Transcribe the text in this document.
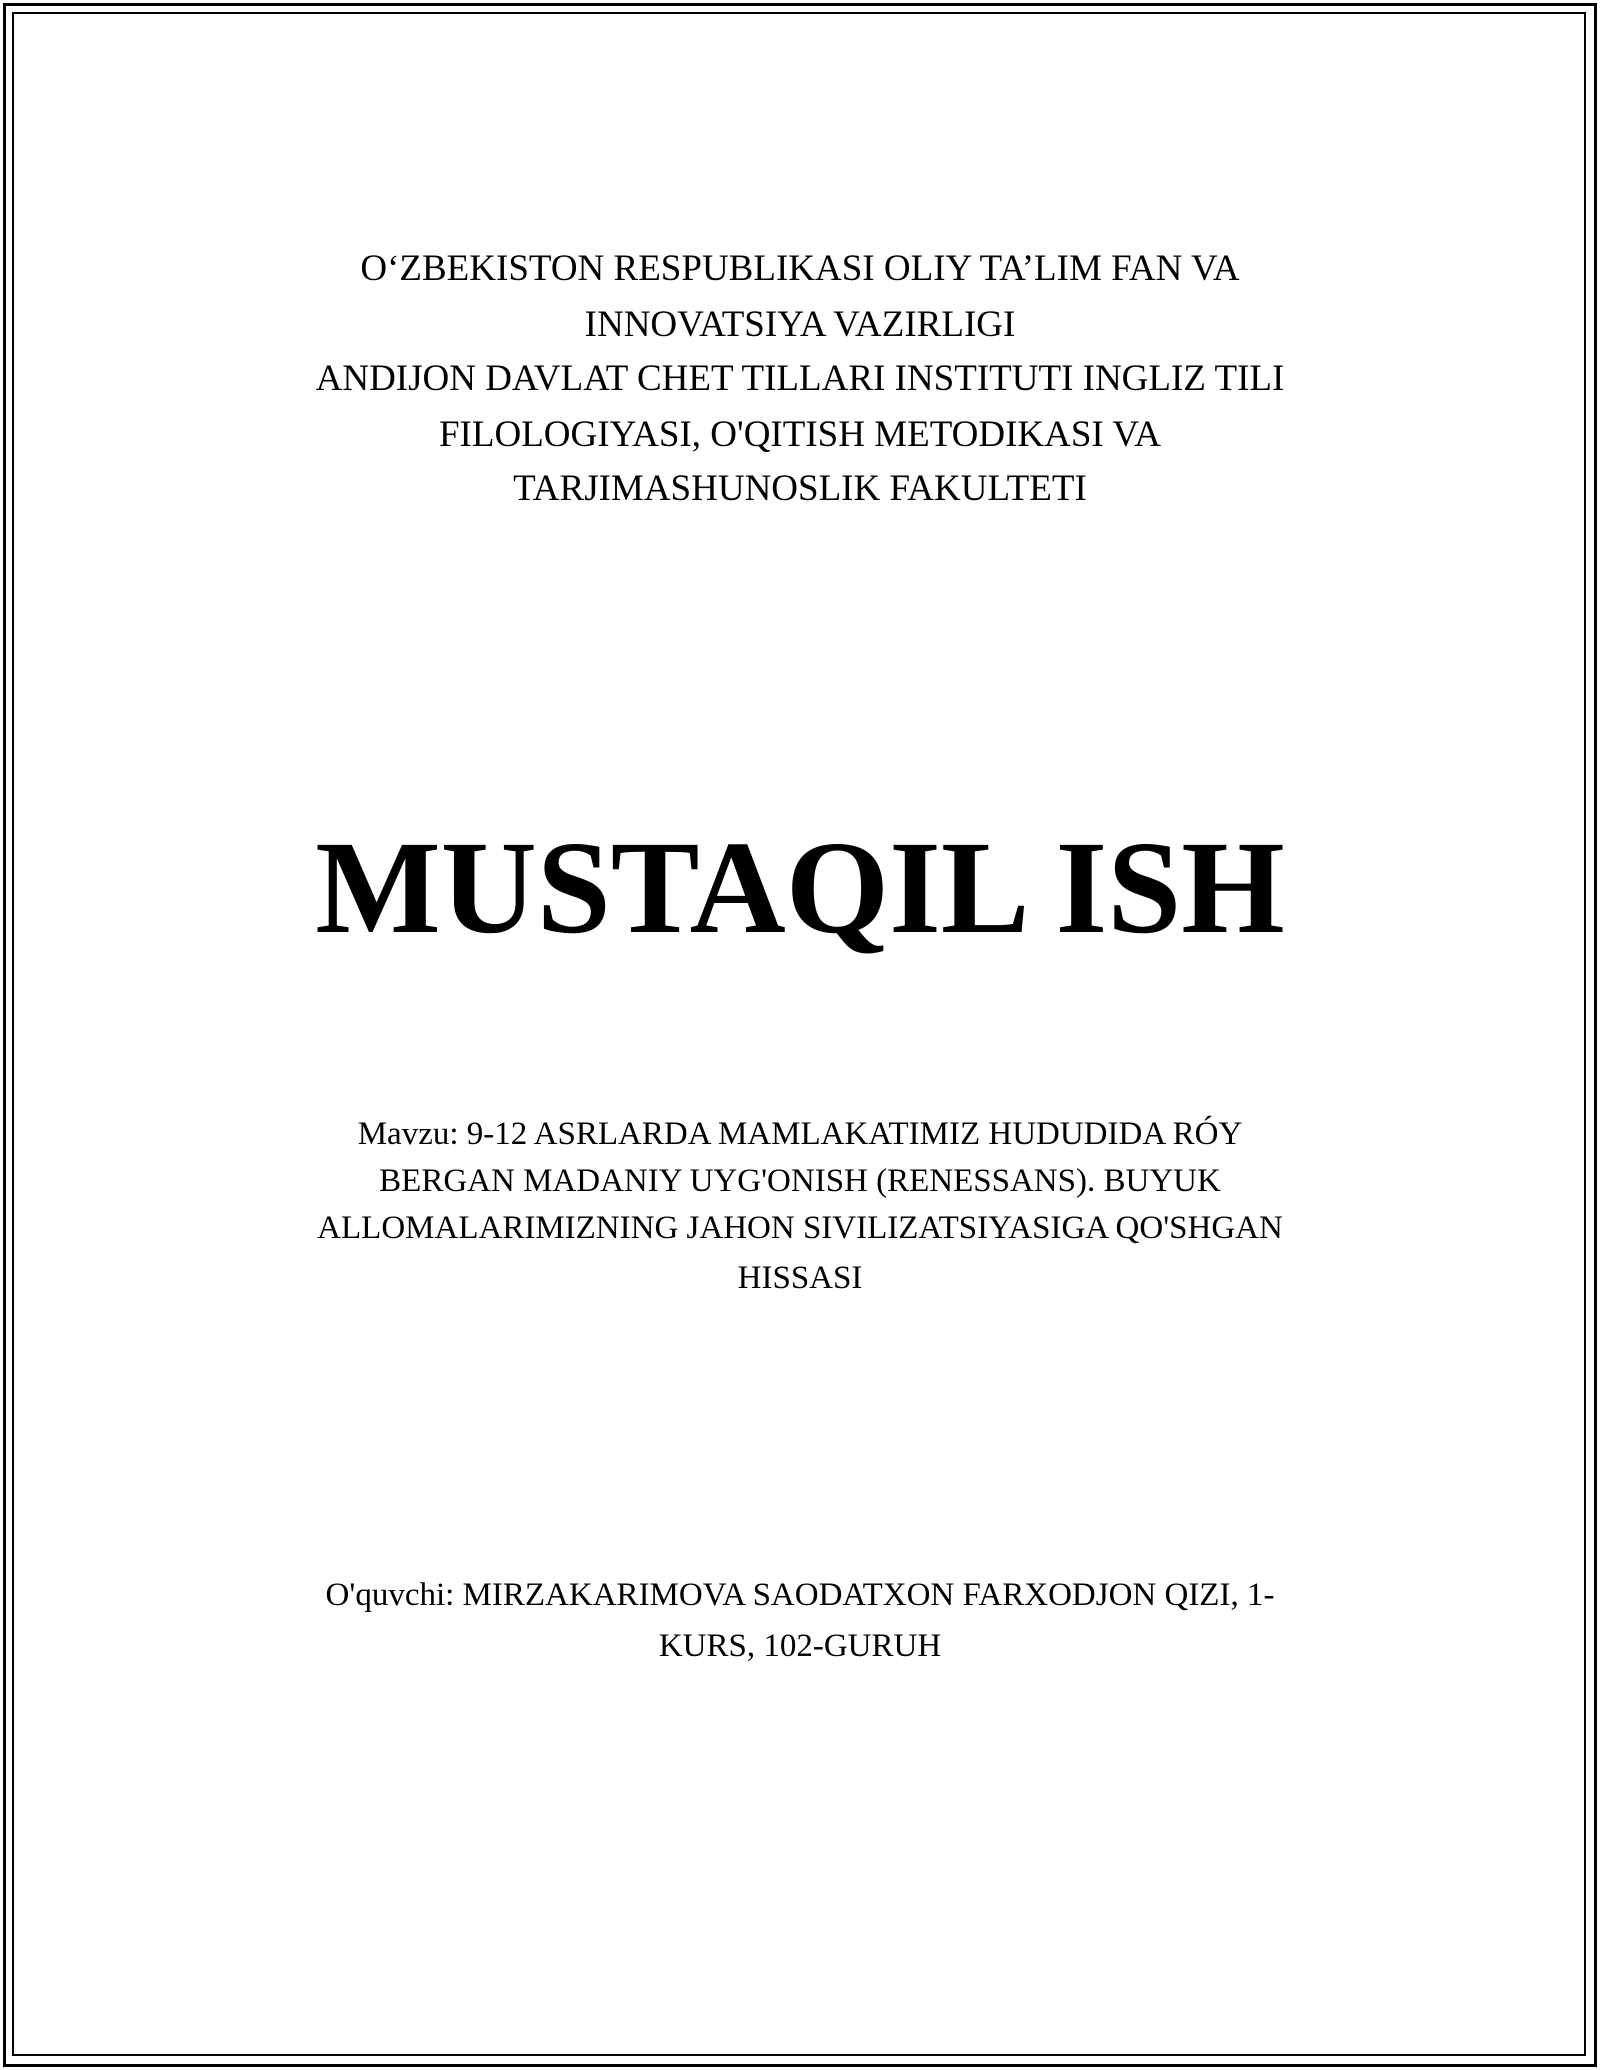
O‘ZBEKISTON RESPUBLIKASI OLIY TA’LIM FAN VA
INNOVATSIYA VAZIRLIGI
ANDIJON DAVLAT CHET TILLARI INSTITUTI INGLIZ TILI
FILOLOGIYASI, O'QITISH METODIKASI VA
TARJIMASHUNOSLIK FAKULTETI
MUSTAQIL ISH
Mavzu: 9-12 ASRLARDA MAMLAKATIMIZ HUDUDIDA RÓY
BERGAN MADANIY UYG'ONISH (RENESSANS). BUYUK
ALLOMALARIMIZNING JAHON SIVILIZATSIYASIGA QO'SHGAN
HISSASI
O'quvchi: MIRZAKARIMOVA SAODATXON FARXODJON QIZI, 1-
KURS, 102-GURUH
